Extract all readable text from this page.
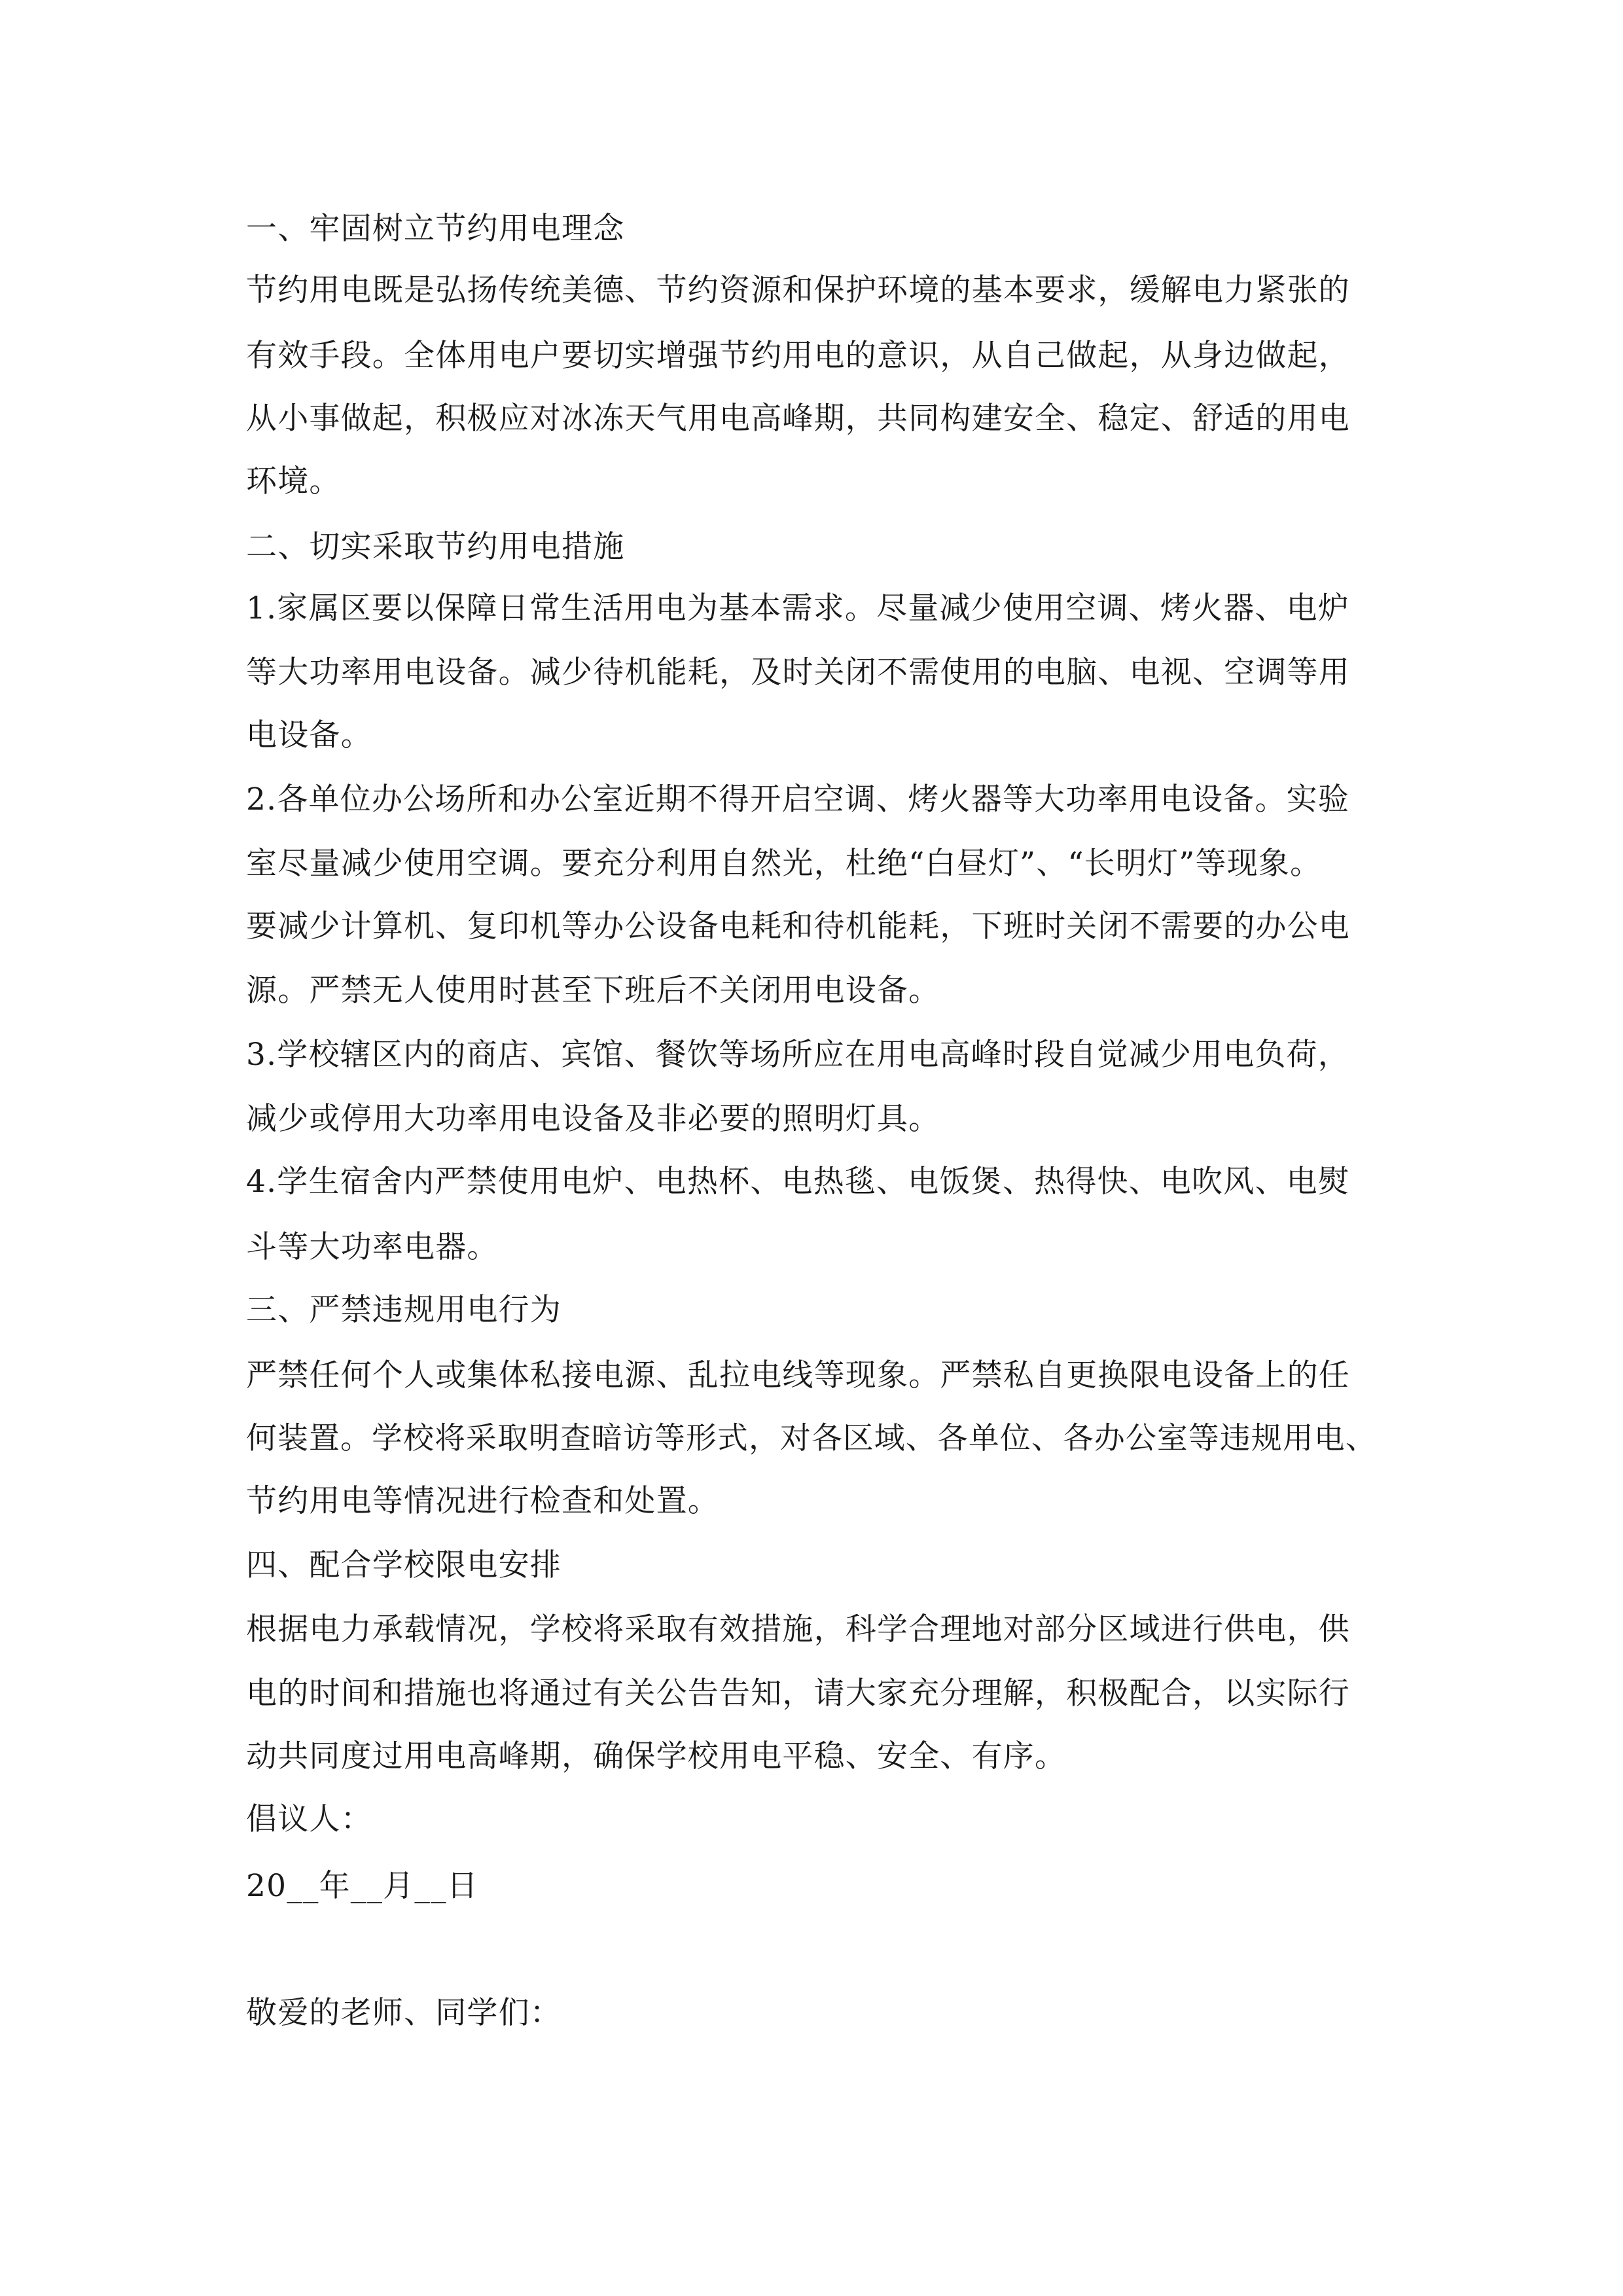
一、牢固树立节约用电理念

节约用电既是弘扬传统美德、节约资源和保护环境的基本要求，缓解电力紧张的

有效手段。全体用电户要切实增强节约用电的意识，从自己做起，从身边做起，

从小事做起，积极应对冰冻天气用电高峰期，共同构建安全、稳定、舒适的用电

环境。

二、切实采取节约用电措施

1.家属区要以保障日常生活用电为基本需求。尽量减少使用空调、烤火器、电炉

等大功率用电设备。减少待机能耗，及时关闭不需使用的电脑、电视、空调等用

电设备。

2.各单位办公场所和办公室近期不得开启空调、烤火器等大功率用电设备。实验

室尽量减少使用空调。要充分利用自然光，杜绝“白昼灯”、“长明灯”等现象。

要减少计算机、复印机等办公设备电耗和待机能耗，下班时关闭不需要的办公电

源。严禁无人使用时甚至下班后不关闭用电设备。

3.学校辖区内的商店、宾馆、餐饮等场所应在用电高峰时段自觉减少用电负荷，

减少或停用大功率用电设备及非必要的照明灯具。

4.学生宿舍内严禁使用电炉、电热杯、电热毯、电饭煲、热得快、电吹风、电熨

斗等大功率电器。

三、严禁违规用电行为

严禁任何个人或集体私接电源、乱拉电线等现象。严禁私自更换限电设备上的任

何装置。学校将采取明查暗访等形式，对各区域、各单位、各办公室等违规用电、

节约用电等情况进行检查和处置。

四、配合学校限电安排

根据电力承载情况，学校将采取有效措施，科学合理地对部分区域进行供电，供

电的时间和措施也将通过有关公告告知，请大家充分理解，积极配合，以实际行

动共同度过用电高峰期，确保学校用电平稳、安全、有序。

倡议人：

20__年__月__日

敬爱的老师、同学们：
